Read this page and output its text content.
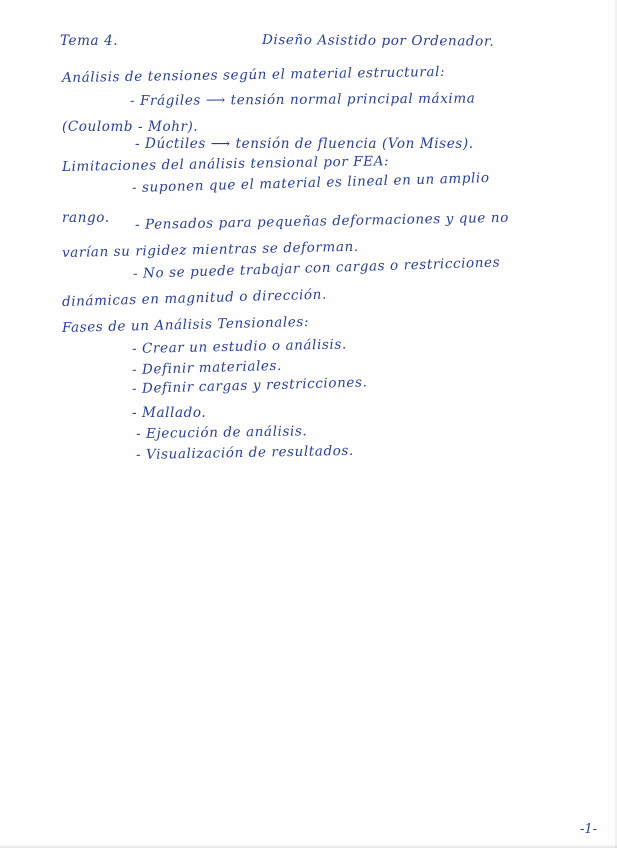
Tema 4.	Diseño Asistido por Ordenador.
Análisis de tensiones según el material estructural:
- Frágiles ⟶ tensión normal principal máxima
(Coulomb - Mohr).
- Dúctiles ⟶ tensión de fluencia (Von Mises).
Limitaciones del análisis tensional por FEA:
- suponen que el material es lineal en un amplio
rango. - Pensados para pequeñas deformaciones y que no
varían su rigidez mientras se deforman.
- No se puede trabajar con cargas o restricciones
dinámicas en magnitud o dirección.
Fases de un Análisis Tensionales:
- Crear un estudio o análisis.
- Definir materiales.
- Definir cargas y restricciones.
- Mallado.
- Ejecución de análisis.
- Visualización de resultados.
-1-
